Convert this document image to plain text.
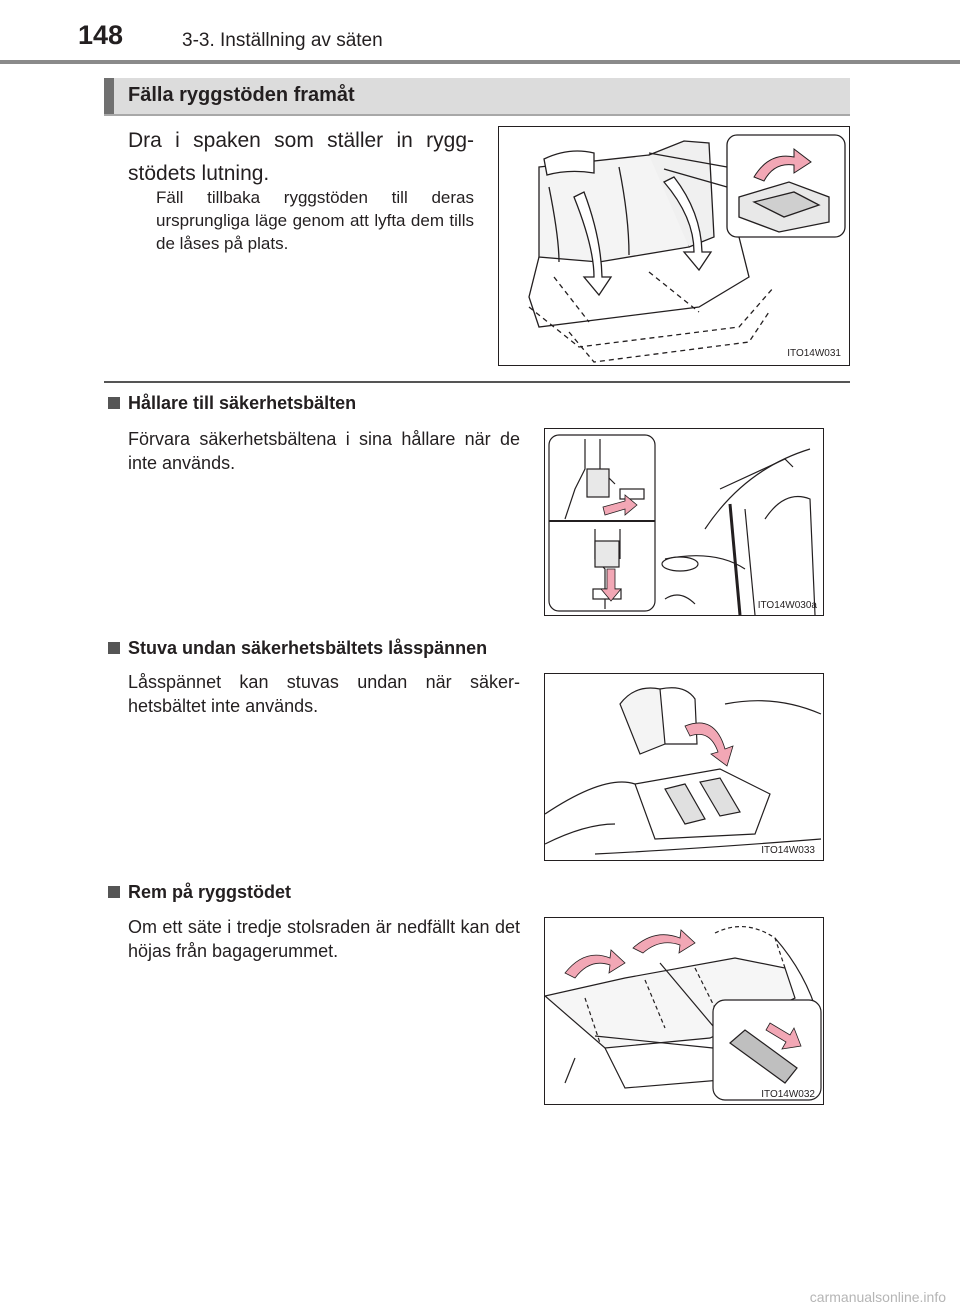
148	3-3. Inställning av säten
Fälla ryggstöden framåt
Dra i spaken som ställer in rygg-stödets lutning.
Fäll tillbaka ryggstöden till deras ursprungliga läge genom att lyfta dem tills de låses på plats.
ITO14W031
Hållare till säkerhetsbälten
Förvara säkerhetsbältena i sina hållare när de inte används.
ITO14W030a
Stuva undan säkerhetsbältets låsspännen
Låsspännet kan stuvas undan när säker-hetsbältet inte används.
ITO14W033
Rem på ryggstödet
Om ett säte i tredje stolsraden är nedfällt kan det höjas från bagagerummet.
ITO14W032
carmanualsonline.info
